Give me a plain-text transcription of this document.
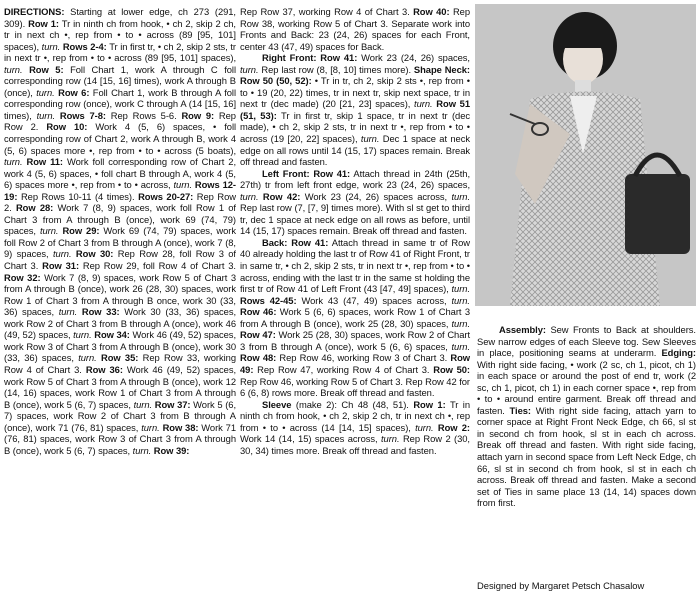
DIRECTIONS: Starting at lower edge, ch 273 (291, 309). Row 1: Tr in ninth ch from hook, • ch 2, skip 2 ch, tr in next ch •, rep from • to • across (89 [95, 101] spaces), turn. Rows 2-4: Tr in first tr, • ch 2, skip 2 sts, tr in next tr •, rep from • to • across (89 [95, 101] spaces), turn. Row 5: Foll Chart 1, work A through C foll corresponding row (14 [15, 16] times), work A through B (once), turn. Row 6: Foll Chart 1, work B through A foll corresponding row (once), work C through A (14 [15, 16] times), turn. Rows 7-8: Rep Rows 5-6. Row 9: Rep Row 2. Row 10: Work 4 (5, 6) spaces, • foll corresponding row of Chart 2, work A through B, work 4 (5, 6) spaces more •, rep from • to • across (5 boats), turn. Row 11: Work foll corresponding row of Chart 2, work 4 (5, 6) spaces, • foll chart B through A, work 4 (5, 6) spaces more •, rep from • to • across, turn. Rows 12-19: Rep Rows 10-11 (4 times). Rows 20-27: Rep Row 2. Row 28: Work 7 (8, 9) spaces, work foll Row 1 of Chart 3 from A through B (once), work 69 (74, 79) spaces, turn. Row 29: Work 69 (74, 79) spaces, work foll Row 2 of Chart 3 from B through A (once), work 7 (8, 9) spaces, turn. Row 30: Rep Row 28, foll Row 3 of Chart 3. Row 31: Rep Row 29, foll Row 4 of Chart 3. Row 32: Work 7 (8, 9) spaces, work Row 5 of Chart 3 from A through B (once), work 26 (28, 30) spaces, work Row 1 of Chart 3 from A through B once, work 30 (33, 36) spaces, turn. Row 33: Work 30 (33, 36) spaces, work Row 2 of Chart 3 from B through A (once), work 46 (49, 52) spaces, turn. Row 34: Work 46 (49, 52) spaces, work Row 3 of Chart 3 from A through B (once), work 30 (33, 36) spaces, turn. Row 35: Rep Row 33, working Row 4 of Chart 3. Row 36: Work 46 (49, 52) spaces, work Row 5 of Chart 3 from A through B (once), work 12 (14, 16) spaces, work Row 1 of Chart 3 from A through B (once), work 5 (6, 7) spaces, turn. Row 37: Work 5 (6, 7) spaces, work Row 2 of Chart 3 from B through A (once), work 71 (76, 81) spaces, turn. Row 38: Work 71 (76, 81) spaces, work Row 3 of Chart 3 from A through B (once), work 5 (6, 7) spaces, turn. Row 39:

Rep Row 37, working Row 4 of Chart 3. Row 40: Rep Row 38, working Row 5 of Chart 3. Separate work into Fronts and Back: 23 (24, 26) spaces for each Front, center 43 (47, 49) spaces for Back.

Right Front: Row 41: Work 23 (24, 26) spaces, turn. Rep last row (8, [8, 10] times more). Shape Neck: Row 50 (50, 52): • Tr in tr, ch 2, skip 2 sts •, rep from • to • 19 (20, 22) times, tr in next tr, skip next space, tr in next tr (dec made) (20 [21, 23] spaces), turn. Row 51 (51, 53): Tr in first tr, skip 1 space, tr in next tr (dec made), • ch 2, skip 2 sts, tr in next tr •, rep from • to • across (19 [20, 22] spaces), turn. Dec 1 space at neck edge on all rows until 14 (15, 17) spaces remain. Break off thread and fasten.

Left Front: Row 41: Attach thread in 24th (25th, 27th) tr from left front edge, work 23 (24, 26) spaces, turn. Row 42: Work 23 (24, 26) spaces across, turn. Rep last row (7, [7, 9] times more). With sl st get to third tr, dec 1 space at neck edge on all rows as before, until 14 (15, 17) spaces remain. Break off thread and fasten.

Back: Row 41: Attach thread in same tr of Row 40 already holding the last tr of Row 41 of Right Front, tr in same tr, • ch 2, skip 2 sts, tr in next tr •, rep from • to • across, ending with the last tr in the same st holding the first tr of Row 41 of Left Front (43 [47, 49] spaces), turn. Rows 42-45: Work 43 (47, 49) spaces across, turn. Row 46: Work 5 (6, 6) spaces, work Row 1 of Chart 3 from A through B (once), work 25 (28, 30) spaces, turn. Row 47: Work 25 (28, 30) spaces, work Row 2 of Chart 3 from B through A (once), work 5 (6, 6) spaces, turn. Row 48: Rep Row 46, working Row 3 of Chart 3. Row 49: Rep Row 47, working Row 4 of Chart 3. Row 50: Rep Row 46, working Row 5 of Chart 3. Rep Row 42 for 6 (6, 8) rows more. Break off thread and fasten.

Sleeve (make 2): Ch 48 (48, 51). Row 1: Tr in ninth ch from hook, • ch 2, skip 2 ch, tr in next ch •, rep from • to • across (14 [14, 15] spaces), turn. Row 2: Work 14 (14, 15) spaces across, turn. Rep Row 2 (30, 30, 34) times more. Break off thread and fasten.

Assembly: Sew Fronts to Back at shoulders. Sew narrow edges of each Sleeve tog. Sew Sleeves in place, positioning seams at underarm. Edging: With right side facing, • work (2 sc, ch 1, picot, ch 1) in each space or around the post of end tr, work (2 sc, ch 1, picot, ch 1) in each corner space •, rep from • to • around entire garment. Break off thread and fasten. Ties: With right side facing, attach yarn to corner space at Right Front Neck Edge, ch 66, sl st in second ch from hook, sl st in each ch across. Break off thread and fasten. With right side facing, attach yarn in second space from Left Neck Edge, ch 66, sl st in second ch from hook, sl st in each ch across. Break off thread and fasten. Make a second set of Ties in same place 13 (14, 14) spaces down from first.

Designed by Margaret Petsch Chasalow
